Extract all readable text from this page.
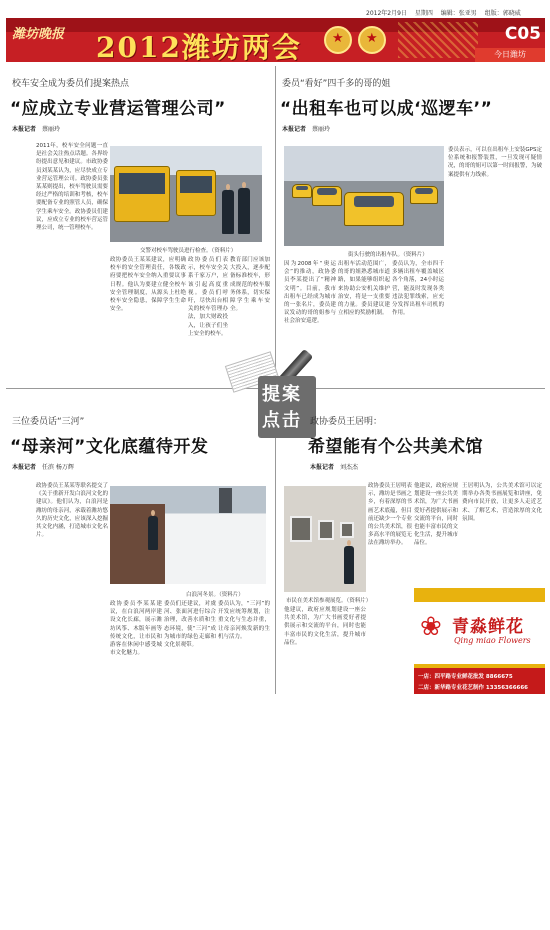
2012年2月9日 星期四 编辑：张亚男 组版：郭晓威
潍坊晚报 2012潍坊两会 ★ ★	C05
今日潍坊
校车安全成为委员们提案热点
“应成立专业营运管理公司”
本报记者 蔡丽玲
2011年，校车安全问题一直是社会关注热点话题。各界纷纷提出意见和建议。市政协委员刘某某认为，应尽快成立专业营运管理公司。政协委员张某某则提出，校车驾驶员需要经过严格的培训和考核，校车要配备专业的照管人员，确保学生乘车安全。政协委员们建议，应成立专业的校车营运管理公司，统一管理校车。
交警对校车驾驶员进行检查。（资料片）
政协委员王某某建议，应明确校车的安全管理责任，各级政府要把校车安全纳入重要议事日程。他认为要建立健全校车安全管理制度，从源头上杜绝校车安全隐患，保障学生生命安全。
政协委员们表示，校车安全关系千家万户，应该引起高度重视。委员们呼吁，尽快出台相关的校车管理办法，加大财政投入，让孩子们坐上安全的校车。
教育部门应该加大投入，逐步配备标准校车，形成规范的校车服务体系，切实保障学生乘车安全。
委员“看好”四千多的哥的姐
“出租车也可以成‘巡逻车’”
本报记者 蔡丽玲
街头行驶的出租车队。（资料片）
因为2008年“奥运会”的推动，政协委员李某提出了“精神文明”。目前，我市出租车已经成为城市的一张名片，委员建议发动的哥的姐参与社会治安巡逻。
出租车活动范围广，的哥的姐熟悉城市道路，如果能够组织起来协助公安机关维护治安，将是一支重要的力量。委员建议建立相应的奖励机制。
委员认为，全市四千多辆出租车覆盖城区各个角落，24小时运营，能及时发现各类违法犯罪线索，应充分发挥出租车司机的作用。
委员表示，可以在出租车上安装GPS定位系统和报警装置，一旦发现可疑情况，的哥的姐可以第一时间报警，为破案提供有力线索。
提案
点击
三位委员话“三河”
“母亲河”文化底蕴待开发
本报记者 任滨 杨万辉
政协委员王某某等联名提交了《关于重新开发白浪河文化的建议》。他们认为，白浪河是潍坊的母亲河，承载着潍坊悠久的历史文化，应该深入挖掘其文化内涵，打造城市文化名片。
白浪河冬景。（资料片）
政协委员李某某建议，在白浪河两岸建设文化长廊，展示潍坊风筝、木版年画等传统文化，让市民和游客在休闲中感受城市文化魅力。
委员们还建议，对虞河、张面河进行综合治理，改善水质和生态环境，使“三河”成为城市的绿色走廊和文化景观带。
委员认为，“三河”的开发应统筹规划，注重文化与生态并重，让母亲河焕发新的生机与活力。
政协委员王居明：
希望能有个公共美术馆
本报记者 刘杰杰
市民在美术馆参观展览。（资料片）
政协委员王居明表示，潍坊是书画之乡，有着深厚的书画艺术底蕴，但目前还缺少一个专业的公共美术馆，很多高水平的展览无法在潍坊举办。
他建议，政府应规划建设一座公共美术馆，为广大书画爱好者提供展示和交流的平台，同时也能丰富市民的文化生活，提升城市品位。
王居明认为，公共美术馆可以定期举办各类书画展览和讲座，免费向市民开放，让更多人走近艺术、了解艺术，营造浓厚的文化氛围。
他建议，政府应规划建设一座公共美术馆，为广大书画爱好者提供展示和交流的平台，同时也能丰富市民的文化生活，提升城市品位。
❀ 青淼鲜花
Qing miao Flowers
一店：四平路专业鲜花批发 8866675
二店：新华路专业花艺制作 13356366666
